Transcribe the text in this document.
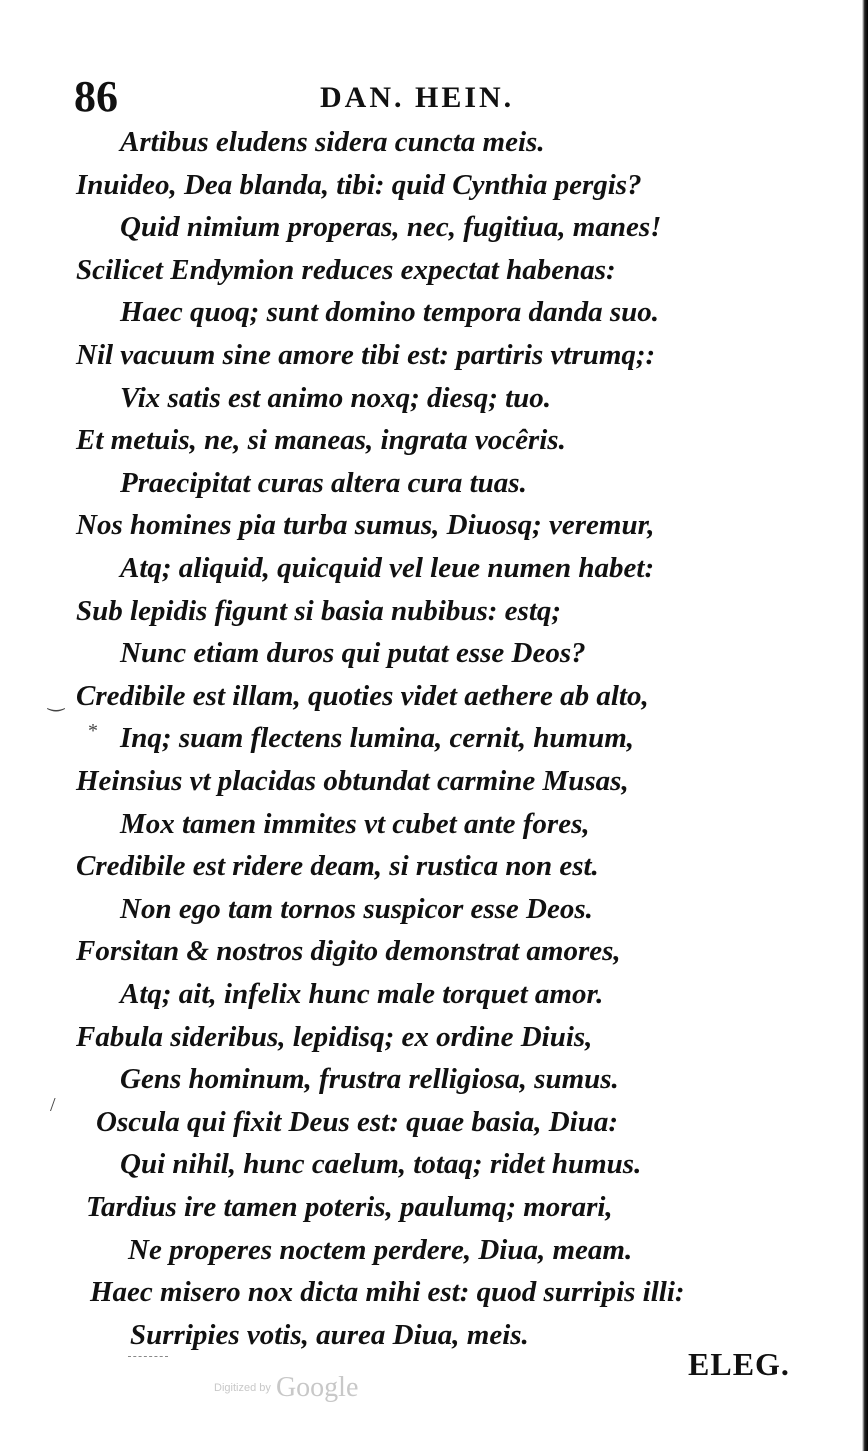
86	DAN. HEIN.
Artibus eludens sidera cuncta meis.
Inuideo, Dea blanda, tibi: quid Cynthia pergis?
Quid nimium properas, nec, fugitiua, manes!
Scilicet Endymion reduces expectat habenas:
Haec quoq; sunt domino tempora danda suo.
Nil vacuum sine amore tibi est: partiris vtrumq;:
Vix satis est animo noxq; diesq; tuo.
Et metuis, ne, si maneas, ingrata vocêris.
Praecipitat curas altera cura tuas.
Nos homines pia turba sumus, Diuosq; veremur,
Atq; aliquid, quicquid vel leue numen habet:
Sub lepidis figunt si basia nubibus: estq;
Nunc etiam duros qui putat esse Deos?
Credibile est illam, quoties videt aethere ab alto,
Inq; suam flectens lumina, cernit, humum,
Heinsius vt placidas obtundat carmine Musas,
Mox tamen immites vt cubet ante fores,
Credibile est ridere deam, si rustica non est.
Non ego tam tornos suspicor esse Deos.
Forsitan & nostros digito demonstrat amores,
Atq; ait, infelix hunc male torquet amor.
Fabula sideribus, lepidisq; ex ordine Diuis,
Gens hominum, frustra relligiosa, sumus.
Oscula qui fixit Deus est: quae basia, Diua:
Qui nihil, hunc caelum, totaq; ridet humus.
Tardius ire tamen poteris, paulumq; morari,
Ne properes noctem perdere, Diua, meam.
Haec misero nox dicta mihi est: quod surripis illi:
Surripies votis, aurea Diua, meis.
‿
*
/
ELEG.
Digitized by Google
